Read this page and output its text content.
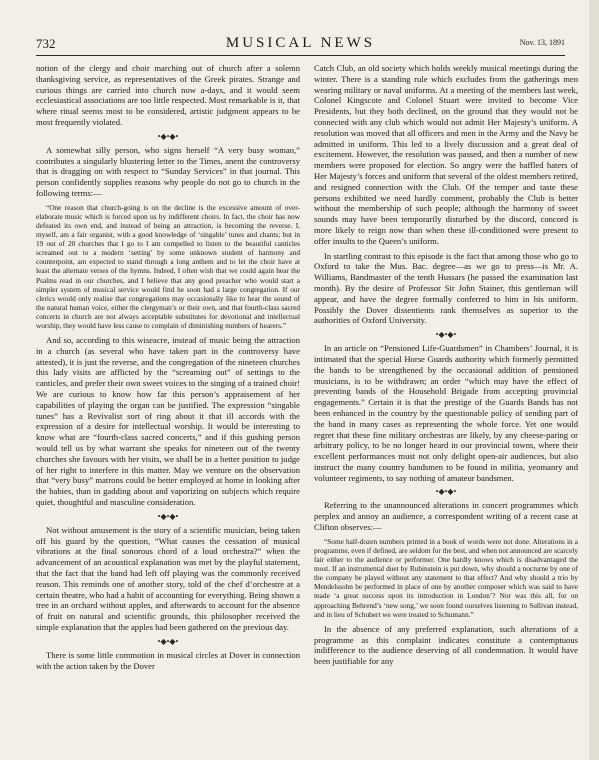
732	MUSICAL NEWS	Nov. 13, 1891

notion of the clergy and choir marching out of church after a solemn thanksgiving service, as representatives of the Greek pirates. Strange and curious things are carried into church now a-days, and it would seem ecclesiastical associations are too little respected. Most remarkable is it, that where ritual seems most to be considered, artistic judgment appears to be most frequently violated.

•◆•◆•

A somewhat silly person, who signs herself “A very busy woman,” contributes a singularly blustering letter to the Times, anent the controversy that is dragging on with respect to “Sunday Services” in that journal. This person confidently supplies reasons why people do not go to church in the following terms:—

“One reason that church-going is on the decline is the excessive amount of over-elaborate music which is forced upon us by indifferent choirs. In fact, the choir has now defeated its own end, and instead of being an attraction, is becoming the reverse. I, myself, am a fair organist, with a good knowledge of ‘singable’ tunes and chants; but in 19 out of 20 churches that I go to I am compelled to listen to the beautiful canticles screamed out to a modern ‘setting’ by some unknown student of harmony and counterpoint, am expected to stand through a long anthem and to let the choir have at least the alternate verses of the hymns. Indeed, I often wish that we could again hear the Psalms read in our churches, and I believe that any good preacher who would start a simpler system of musical service would find he soon had a large congregation. If our clerics would only realise that congregations may occasionally like to hear the sound of the natural human voice, either the clergyman’s or their own, and that fourth-class sacred concerts in church are not always acceptable substitutes for devotional and intellectual worship, they would have less cause to complain of diminishing numbers of hearers.”

And so, according to this wiseacre, instead of music being the attraction in a church (as several who have taken part in the controversy have attested), it is just the reverse, and the congregation of the nineteen churches this lady visits are afflicted by the “screaming out” of settings to the canticles, and prefer their own sweet voices to the singing of a trained choir! We are curious to know how far this person’s appraisement of her capabilities of playing the organ can be justified. The expression “singable tunes” has a Revivalist sort of ring about it that ill accords with the expression of a desire for intellectual worship. It would be interesting to know what are “fourth-class sacred concerts,” and if this gushing person would tell us by what warrant she speaks for nineteen out of the twenty churches she favours with her visits, we shall be in a better position to judge of her right to interfere in this matter. May we venture on the observation that “very busy” matrons could be better employed at home in looking after the babies, than in gadding about and vaporizing on subjects which require quiet, thoughtful and masculine consideration.

•◆•◆•

Not without amusement is the story of a scientific musician, being taken off his guard by the question, “What causes the cessation of musical vibrations at the final sonorous chord of a loud orchestra?” when the advancement of an acoustical explanation was met by the playful statement, that the fact that the band had left off playing was the commonly received reason. This reminds one of another story, told of the chef d’orchestre at a certain theatre, who had a habit of accounting for everything. Being shown a tree in an orchard without apples, and afterwards to account for the absence of fruit on natural and scientific grounds, this philosopher received the simple explanation that the apples had been gathered on the previous day.

•◆•◆•

There is some little commotion in musical circles at Dover in connection with the action taken by the Dover

Catch Club, an old society which holds weekly musical meetings during the winter. There is a standing rule which excludes from the gatherings men wearing military or naval uniforms. At a meeting of the members last week, Colonel Kingscote and Colonel Stuart were invited to become Vice Presidents, but they both declined, on the ground that they would not be connected with any club which would not admit Her Majesty’s uniform. A resolution was moved that all officers and men in the Army and the Navy be admitted in uniform. This led to a lively discussion and a great deal of excitement. However, the resolution was passed, and then a number of new members were proposed for election. So angry were the baffled haters of Her Majesty’s forces and uniform that several of the oldest members retired, and resigned connection with the Club. Of the temper and taste these persons exhibited we need hardly comment, probably the Club is better without the membership of such people; although the harmony of sweet sounds may have been temporarily disturbed by the discord, concord is more likely to reign now than when these ill-conditioned were present to offer insults to the Queen’s uniform.

In startling contrast to this episode is the fact that among those who go to Oxford to take the Mus. Bac. degree—as we go to press—is Mr. A. Williams, Bandmaster of the tenth Hussars (he passed the examination last month). By the desire of Professor Sir John Stainer, this gentleman will appear, and have the degree formally conferred to him in his uniform. Possibly the Dover dissentients rank themselves as superior to the authorities of Oxford University.

•◆•◆•

In an article on “Pensioned Life-Guardsmen” in Chambers’ Journal, it is intimated that the special Horse Guards authority which formerly permitted the bands to be strengthened by the occasional addition of pensioned musicians, is to be withdrawn; an order “which may have the effect of preventing bands of the Household Brigade from accepting provincial engagements.” Certain it is that the prestige of the Guards Bands has not been enhanced in the country by the questionable policy of sending part of the band in many cases as representing the whole force. Yet one would regret that these fine military orchestras are likely, by any cheese-paring or arbitrary policy, to be no longer heard in our provincial towns, where their excellent performances must not only delight open-air audiences, but also instruct the many country bandsmen to be found in militia, yeomanry and volunteer regiments, to say nothing of amateur bandsmen.

•◆•◆•

Referring to the unannounced alterations in concert programmes which perplex and annoy an audience, a correspondent writing of a recent case at Clifton observes:—

“Some half-dozen numbers printed in a book of words were not done. Alterations in a programme, even if defined, are seldom for the best, and when not announced are scarcely fair either to the audience or performer. One hardly knows which is disadvantaged the most. If an instrumental duet by Rubinstein is put down, why should a nocturne by one of the company be played without any statement to that effect? And why should a trio by Mendelssohn be performed in place of one by another composer which was said to have made ‘a great success upon its introduction in London’? Nor was this all, for on approaching Behrend’s ‘new song,’ we soon found ourselves listening to Sullivan instead, and in lieu of Schubert we were treated to Schumann.”

In the absence of any preferred explanation, such alterations of a programme as this complaint indicates constitute a contemptuous indifference to the audience deserving of all condemnation. It would have been justifiable for any
